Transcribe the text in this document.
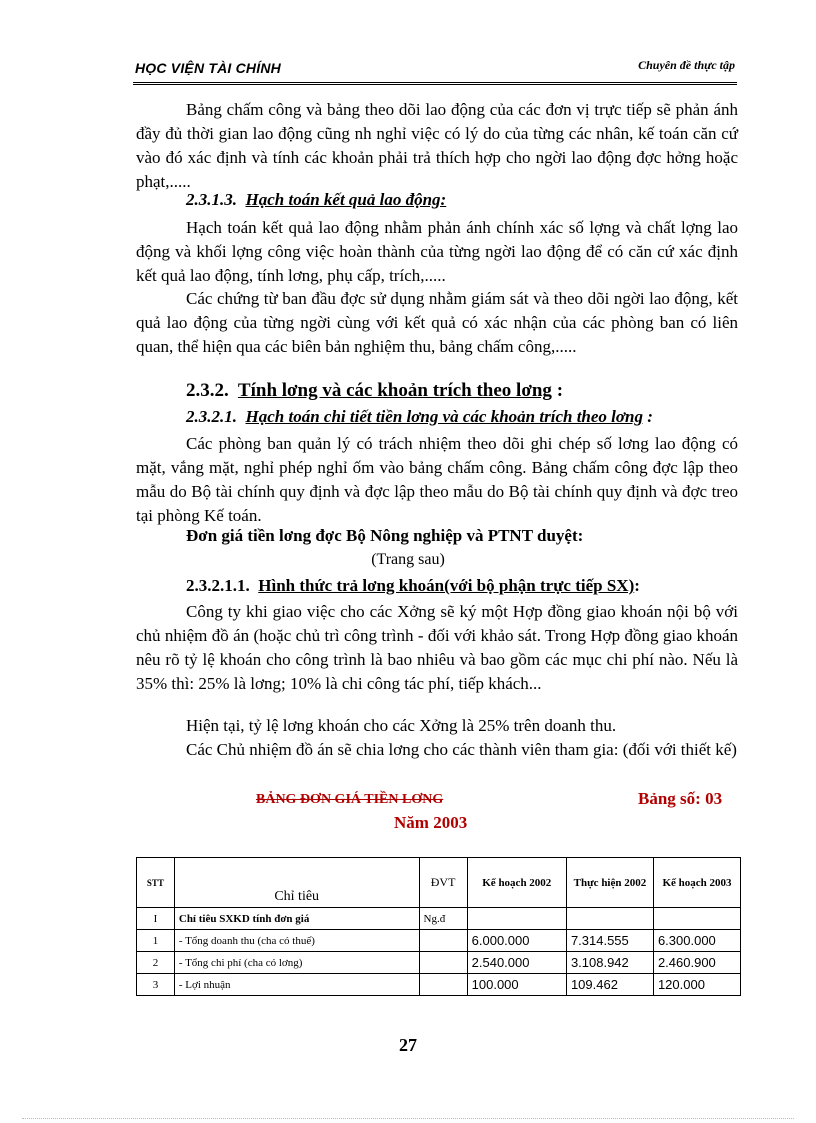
HỌC VIỆN TÀI CHÍNH	Chuyên đề thực tập

Bảng chấm công và bảng theo dõi lao động của các đơn vị trực tiếp sẽ phản ánh đầy đủ thời gian lao động cũng nh nghỉ việc có lý do của từng các nhân, kế toán căn cứ vào đó xác định và tính các khoản phải trả thích hợp cho ngời lao động đợc hởng hoặc phạt,.....

2.3.1.3. Hạch toán kết quả lao động:

Hạch toán kết quả lao động nhằm phản ánh chính xác số lợng và chất lợng lao động và khối lợng công việc hoàn thành của từng ngời lao động để có căn cứ xác định kết quả lao động, tính lơng, phụ cấp, trích,.....

Các chứng từ ban đầu đợc sử dụng nhằm giám sát và theo dõi ngời lao động, kết quả lao động của từng ngời cùng với kết quả có xác nhận của các phòng ban có liên quan, thể hiện qua các biên bản nghiệm thu, bảng chấm công,.....

2.3.2. Tính lơng và các khoản trích theo lơng :
2.3.2.1. Hạch toán chi tiết tiền lơng và các khoản trích theo lơng :

Các phòng ban quản lý có trách nhiệm theo dõi ghi chép số lơng lao động có mặt, vắng mặt, nghỉ phép nghỉ ốm vào bảng chấm công. Bảng chấm công đợc lập theo mẫu do Bộ tài chính quy định và đợc lập theo mẫu do Bộ tài chính quy định và đợc treo tại phòng Kế toán.

Đơn giá tiền lơng đợc Bộ Nông nghiệp và PTNT duyệt:
(Trang sau)
2.3.2.1.1. Hình thức trả lơng khoán(với bộ phận trực tiếp SX):

Công ty khi giao việc cho các Xởng sẽ ký một Hợp đồng giao khoán nội bộ với chủ nhiệm đồ án (hoặc chủ trì công trình - đối với khảo sát. Trong Hợp đồng giao khoán nêu rõ tỷ lệ khoán cho công trình là bao nhiêu và bao gồm các mục chi phí nào. Nếu là 35% thì: 25% là lơng; 10% là chi công tác phí, tiếp khách...

Hiện tại, tỷ lệ lơng khoán cho các Xởng là 25% trên doanh thu.

Các Chủ nhiệm đồ án sẽ chia lơng cho các thành viên tham gia: (đối với thiết kế)

BẢNG ĐƠN GIÁ TIỀN LƠNG	Bảng số: 03
Năm 2003
STT	Chỉ tiêu	ĐVT	Kế hoạch 2002	Thực hiện 2002	Kế hoạch 2003
I	Chỉ tiêu SXKD tính đơn giá	Ng.đ			
1	- Tổng doanh thu (cha có thuế)		6.000.000	7.314.555	6.300.000
2	- Tổng chi phí (cha có lơng)		2.540.000	3.108.942	2.460.900
3	- Lợi nhuận		100.000	109.462	120.000
27
